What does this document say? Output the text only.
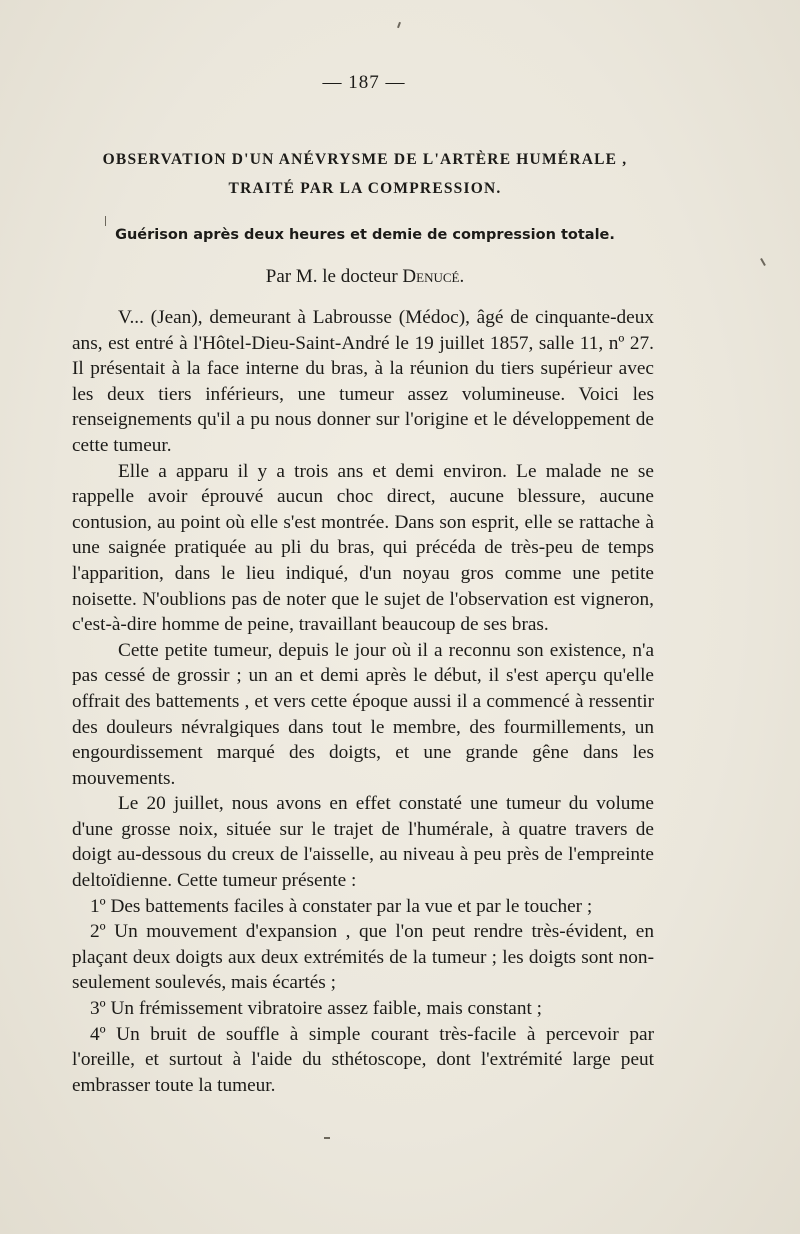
— 187 —
OBSERVATION D'UN ANÉVRYSME DE L'ARTÈRE HUMÉRALE ,
TRAITÉ PAR LA COMPRESSION.
Guérison après deux heures et demie de compression totale.
Par M. le docteur Denucé.

V... (Jean), demeurant à Labrousse (Médoc), âgé de cinquante-deux ans, est entré à l'Hôtel-Dieu-Saint-André le 19 juillet 1857, salle 11, nº 27. Il présentait à la face interne du bras, à la réunion du tiers supérieur avec les deux tiers inférieurs, une tumeur assez volumineuse. Voici les renseignements qu'il a pu nous donner sur l'origine et le développement de cette tumeur.

Elle a apparu il y a trois ans et demi environ. Le malade ne se rappelle avoir éprouvé aucun choc direct, aucune blessure, aucune contusion, au point où elle s'est montrée. Dans son esprit, elle se rattache à une saignée pratiquée au pli du bras, qui précéda de très-peu de temps l'apparition, dans le lieu indiqué, d'un noyau gros comme une petite noisette. N'oublions pas de noter que le sujet de l'observation est vigneron, c'est-à-dire homme de peine, travaillant beaucoup de ses bras.

Cette petite tumeur, depuis le jour où il a reconnu son existence, n'a pas cessé de grossir ; un an et demi après le début, il s'est aperçu qu'elle offrait des battements , et vers cette époque aussi il a commencé à ressentir des douleurs névralgiques dans tout le membre, des fourmillements, un engourdissement marqué des doigts, et une grande gêne dans les mouvements.

Le 20 juillet, nous avons en effet constaté une tumeur du volume d'une grosse noix, située sur le trajet de l'humérale, à quatre travers de doigt au-dessous du creux de l'aisselle, au niveau à peu près de l'empreinte deltoïdienne. Cette tumeur présente :

1º Des battements faciles à constater par la vue et par le toucher ;

2º Un mouvement d'expansion , que l'on peut rendre très-évident, en plaçant deux doigts aux deux extrémités de la tumeur ; les doigts sont non-seulement soulevés, mais écartés ;

3º Un frémissement vibratoire assez faible, mais constant ;

4º Un bruit de souffle à simple courant très-facile à percevoir par l'oreille, et surtout à l'aide du sthétoscope, dont l'extrémité large peut embrasser toute la tumeur.
